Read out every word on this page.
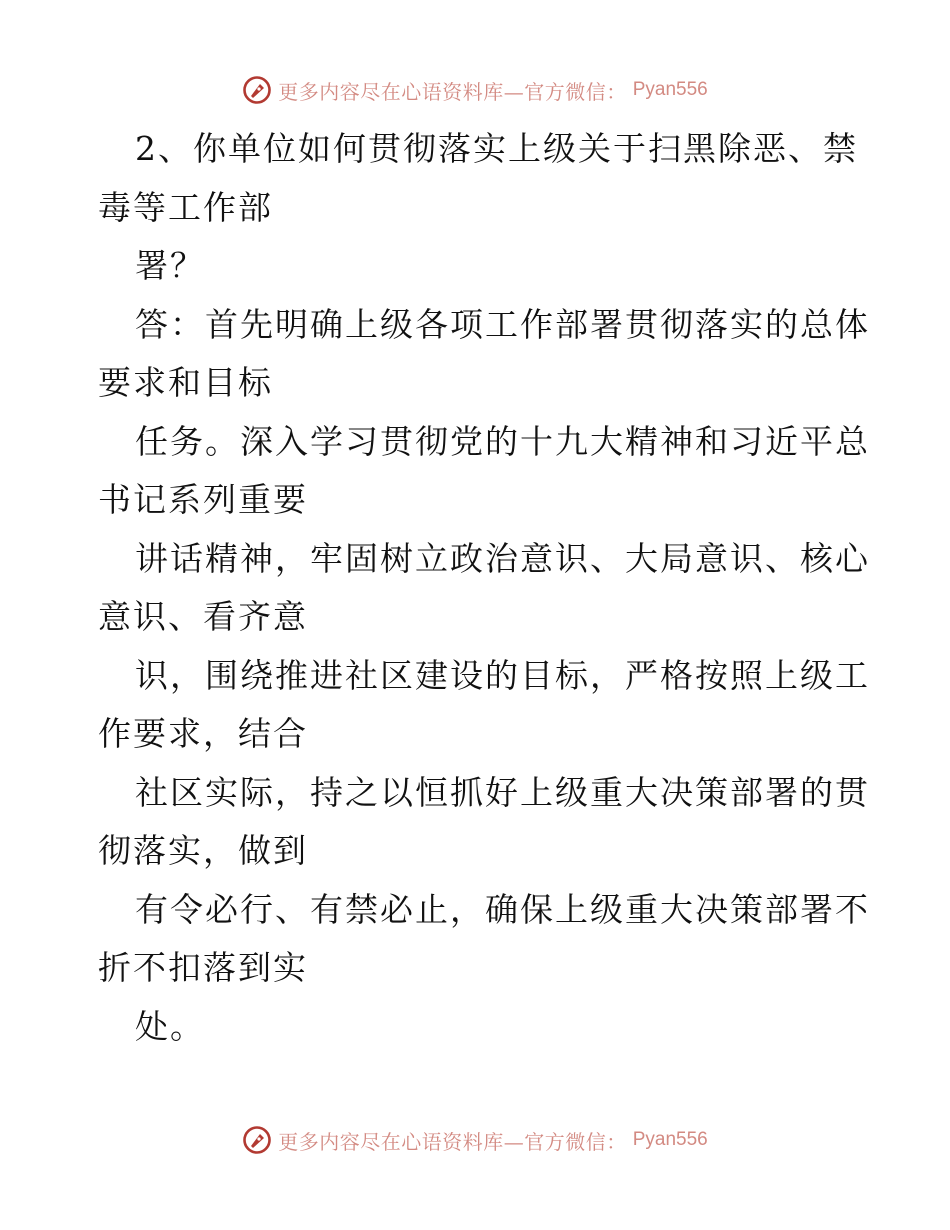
更多内容尽在心语资料库—官方微信： Pyan556
2、你单位如何贯彻落实上级关于扫黑除恶、禁
毒等工作部
署？
答：首先明确上级各项工作部署贯彻落实的总体
要求和目标
任务。深入学习贯彻党的十九大精神和习近平总
书记系列重要
讲话精神，牢固树立政治意识、大局意识、核心
意识、看齐意
识，围绕推进社区建设的目标，严格按照上级工
作要求，结合
社区实际，持之以恒抓好上级重大决策部署的贯
彻落实，做到
有令必行、有禁必止，确保上级重大决策部署不
折不扣落到实
处。
更多内容尽在心语资料库—官方微信： Pyan556
